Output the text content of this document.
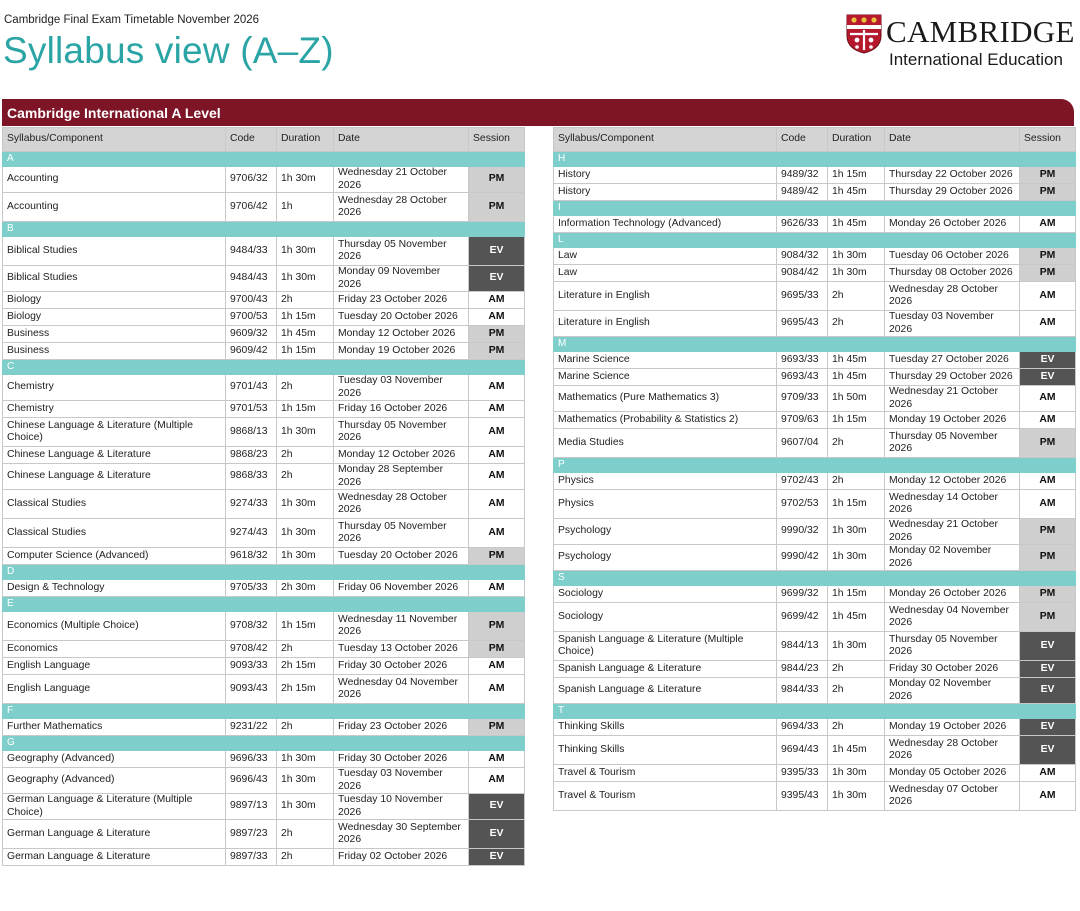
Cambridge Final Exam Timetable November 2026
Syllabus view (A–Z)	CAMBRIDGE
International Education
Cambridge International A Level
Syllabus/Component	Code	Duration	Date	Session
A				
Accounting	9706/32	1h 30m	Wednesday 21 October 2026	PM
Accounting	9706/42	1h	Wednesday 28 October 2026	PM
B				
Biblical Studies	9484/33	1h 30m	Thursday 05 November 2026	EV
Biblical Studies	9484/43	1h 30m	Monday 09 November 2026	EV
Biology	9700/43	2h	Friday 23 October 2026	AM
Biology	9700/53	1h 15m	Tuesday 20 October 2026	AM
Business	9609/32	1h 45m	Monday 12 October 2026	PM
Business	9609/42	1h 15m	Monday 19 October 2026	PM
C				
Chemistry	9701/43	2h	Tuesday 03 November 2026	AM
Chemistry	9701/53	1h 15m	Friday 16 October 2026	AM
Chinese Language & Literature (Multiple Choice)	9868/13	1h 30m	Thursday 05 November 2026	AM
Chinese Language & Literature	9868/23	2h	Monday 12 October 2026	AM
Chinese Language & Literature	9868/33	2h	Monday 28 September 2026	AM
Classical Studies	9274/33	1h 30m	Wednesday 28 October 2026	AM
Classical Studies	9274/43	1h 30m	Thursday 05 November 2026	AM
Computer Science (Advanced)	9618/32	1h 30m	Tuesday 20 October 2026	PM
D				
Design & Technology	9705/33	2h 30m	Friday 06 November 2026	AM
E				
Economics (Multiple Choice)	9708/32	1h 15m	Wednesday 11 November 2026	PM
Economics	9708/42	2h	Tuesday 13 October 2026	PM
English Language	9093/33	2h 15m	Friday 30 October 2026	AM
English Language	9093/43	2h 15m	Wednesday 04 November 2026	AM
F				
Further Mathematics	9231/22	2h	Friday 23 October 2026	PM
G				
Geography (Advanced)	9696/33	1h 30m	Friday 30 October 2026	AM
Geography (Advanced)	9696/43	1h 30m	Tuesday 03 November 2026	AM
German Language & Literature (Multiple Choice)	9897/13	1h 30m	Tuesday 10 November 2026	EV
German Language & Literature	9897/23	2h	Wednesday 30 September 2026	EV
German Language & Literature	9897/33	2h	Friday 02 October 2026	EV
Syllabus/Component	Code	Duration	Date	Session
H				
History	9489/32	1h 15m	Thursday 22 October 2026	PM
History	9489/42	1h 45m	Thursday 29 October 2026	PM
I				
Information Technology (Advanced)	9626/33	1h 45m	Monday 26 October 2026	AM
L				
Law	9084/32	1h 30m	Tuesday 06 October 2026	PM
Law	9084/42	1h 30m	Thursday 08 October 2026	PM
Literature in English	9695/33	2h	Wednesday 28 October 2026	AM
Literature in English	9695/43	2h	Tuesday 03 November 2026	AM
M				
Marine Science	9693/33	1h 45m	Tuesday 27 October 2026	EV
Marine Science	9693/43	1h 45m	Thursday 29 October 2026	EV
Mathematics (Pure Mathematics 3)	9709/33	1h 50m	Wednesday 21 October 2026	AM
Mathematics (Probability & Statistics 2)	9709/63	1h 15m	Monday 19 October 2026	AM
Media Studies	9607/04	2h	Thursday 05 November 2026	PM
P				
Physics	9702/43	2h	Monday 12 October 2026	AM
Physics	9702/53	1h 15m	Wednesday 14 October 2026	AM
Psychology	9990/32	1h 30m	Wednesday 21 October 2026	PM
Psychology	9990/42	1h 30m	Monday 02 November 2026	PM
S				
Sociology	9699/32	1h 15m	Monday 26 October 2026	PM
Sociology	9699/42	1h 45m	Wednesday 04 November 2026	PM
Spanish Language & Literature (Multiple Choice)	9844/13	1h 30m	Thursday 05 November 2026	EV
Spanish Language & Literature	9844/23	2h	Friday 30 October 2026	EV
Spanish Language & Literature	9844/33	2h	Monday 02 November 2026	EV
T				
Thinking Skills	9694/33	2h	Monday 19 October 2026	EV
Thinking Skills	9694/43	1h 45m	Wednesday 28 October 2026	EV
Travel & Tourism	9395/33	1h 30m	Monday 05 October 2026	AM
Travel & Tourism	9395/43	1h 30m	Wednesday 07 October 2026	AM
